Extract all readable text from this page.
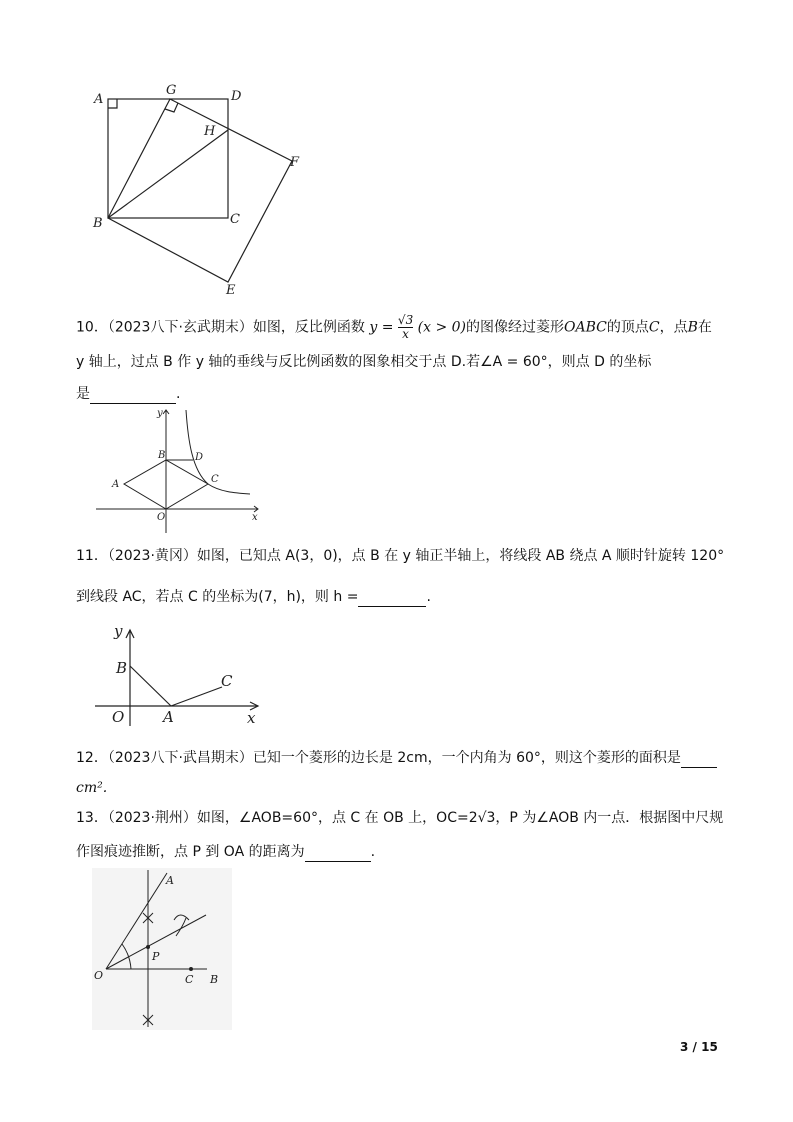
A
G	D
H
F
B	C
E
10．（2023八下·玄武期末）如图，反比例函数 $y = \frac{√3}{x} (x > 0)$的图像经过菱形OABC的顶点C，点B在
y 轴上，过点 B 作 y 轴的垂线与反比例函数的图象相交于点 D.若∠A = 60°，则点 D 的坐标
是	.
y
B	D
A	C
O	x
11．（2023·黄冈）如图，已知点 A(3，0)，点 B 在 y 轴正半轴上，将线段 AB 绕点 A 顺时针旋转 120°
到线段 AC，若点 C 的坐标为(7，h)，则 h =	.
y
B
C
O	A	x
12．（2023八下·武昌期末）已知一个菱形的边长是 2cm，一个内角为 60°，则这个菱形的面积是
cm².
13．（2023·荆州）如图，∠AOB=60°，点 C 在 OB 上，OC=2√3，P 为∠AOB 内一点．根据图中尺规
作图痕迹推断，点 P 到 OA 的距离为	.
A
P
O	C B
3 / 15
